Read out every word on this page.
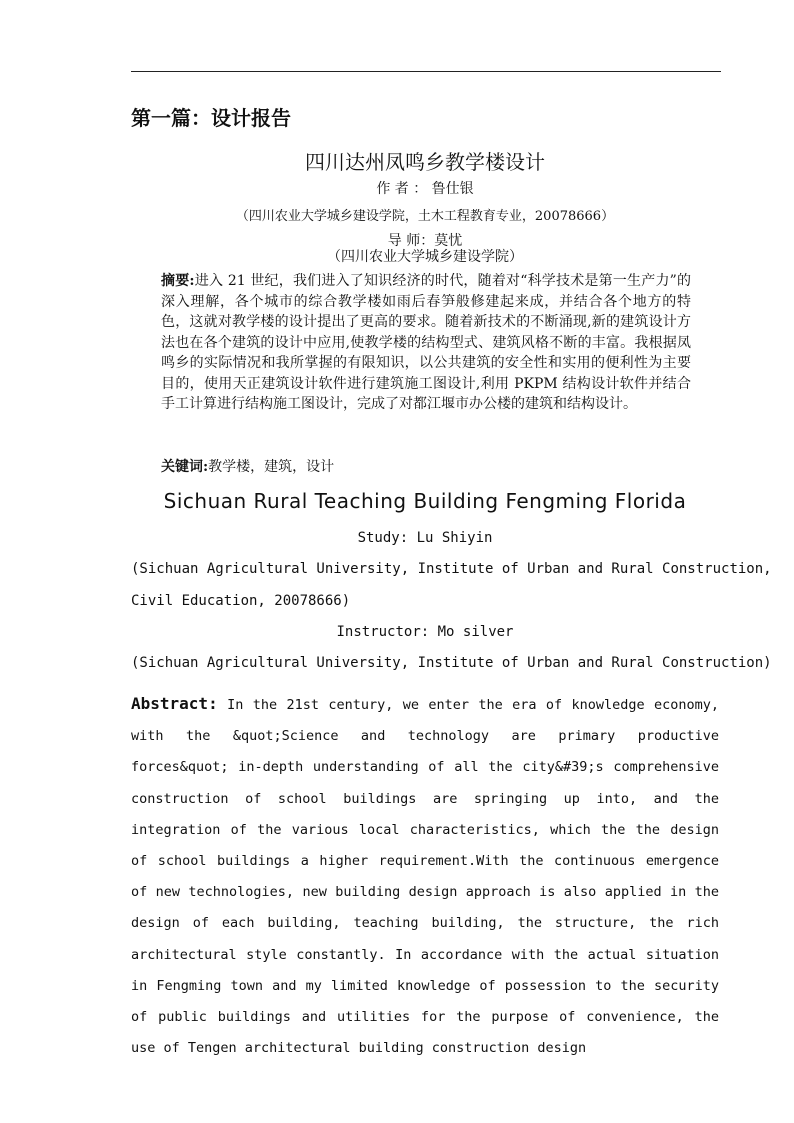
第一篇：设计报告
四川达州凤鸣乡教学楼设计
作 者 ： 鲁仕银
（四川农业大学城乡建设学院，土木工程教育专业，20078666）
导 师：莫忧
（四川农业大学城乡建设学院）
摘要:进入 21 世纪，我们进入了知识经济的时代，随着对“科学技术是第一生产力”的深入理解，各个城市的综合教学楼如雨后春笋般修建起来成，并结合各个地方的特色，这就对教学楼的设计提出了更高的要求。随着新技术的不断涌现,新的建筑设计方法也在各个建筑的设计中应用,使教学楼的结构型式、建筑风格不断的丰富。我根据凤鸣乡的实际情况和我所掌握的有限知识，以公共建筑的安全性和实用的便利性为主要目的，使用天正建筑设计软件进行建筑施工图设计,利用 PKPM 结构设计软件并结合手工计算进行结构施工图设计，完成了对都江堰市办公楼的建筑和结构设计。
关键词:教学楼，建筑，设计
Sichuan Rural Teaching Building Fengming Florida
Study: Lu Shiyin
(Sichuan Agricultural University, Institute of Urban and Rural Construction,
Civil Education, 20078666)
Instructor: Mo silver
(Sichuan Agricultural University, Institute of Urban and Rural Construction)
Abstract: In the 21st century, we enter the era of knowledge economy, with the &quot;Science and technology are primary productive forces&quot; in-depth understanding of all the city&#39;s comprehensive construction of school buildings are springing up into, and the integration of the various local characteristics, which the the design of school buildings a higher requirement.With the continuous emergence of new technologies, new building design approach is also applied in the design of each building, teaching building, the structure, the rich architectural style constantly. In accordance with the actual situation in Fengming town and my limited knowledge of possession to the security of public buildings and utilities for the purpose of convenience, the use of Tengen architectural building construction design
